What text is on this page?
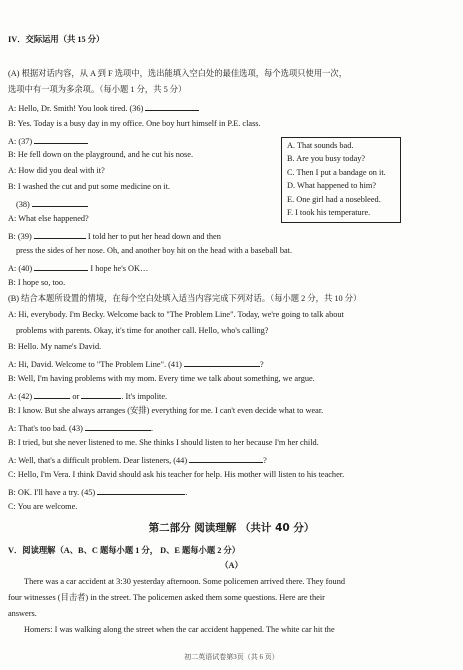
IV．交际运用（共 15 分）
(A) 根据对话内容，从 A 到 F 选项中，选出能填入空白处的最佳选项，每个选项只使用一次，
选项中有一项为多余项。（每小题 1 分，共 5 分）
A: Hello, Dr. Smith! You look tired. (36)
B: Yes. Today is a busy day in my office. One boy hurt himself in P.E. class.
A: (37)
B: He fell down on the playground, and he cut his nose.
A: How did you deal with it?
B: I washed the cut and put some medicine on it.
(38)
A: What else happened?
B: (39)	I told her to put her head down and then
press the sides of her nose. Oh, and another boy hit on the head with a baseball bat.
A: (40)	I hope he's OK…
B: I hope so, too.
A. That sounds bad.
B. Are you busy today?
C. Then I put a bandage on it.
D. What happened to him?
E. One girl had a nosebleed.
F. I took his temperature.
(B) 结合本题所设置的情境，在每个空白处填入适当内容完成下列对话。（每小题 2 分，共 10 分）
A: Hi, everybody. I'm Becky. Welcome back to "The Problem Line". Today, we're going to talk about
problems with parents. Okay, it's time for another call. Hello, who's calling?
B: Hello. My name's David.
A: Hi, David. Welcome to "The Problem Line". (41)	?
B: Well, I'm having problems with my mom. Every time we talk about something, we argue.
A: (42)	or	. It's impolite.
B: I know. But she always arranges (安排) everything for me. I can't even decide what to wear.
A: That's too bad. (43)	.
B: I tried, but she never listened to me. She thinks I should listen to her because I'm her child.
A: Well, that's a difficult problem. Dear listeners, (44)	?
C: Hello, I'm Vera. I think David should ask his teacher for help. His mother will listen to his teacher.
B: OK. I'll have a try. (45)	.
C: You are welcome.
第二部分 阅读理解 （共计 40 分）
V．阅读理解（A、B、C 题每小题 1 分， D、E 题每小题 2 分）
（A）
There was a car accident at 3:30 yesterday afternoon. Some policemen arrived there. They found
four witnesses (目击者) in the street. The policemen asked them some questions. Here are their
answers.
Homers: I was walking along the street when the car accident happened. The white car hit the
初二英语试卷第3页（共 6 页）
